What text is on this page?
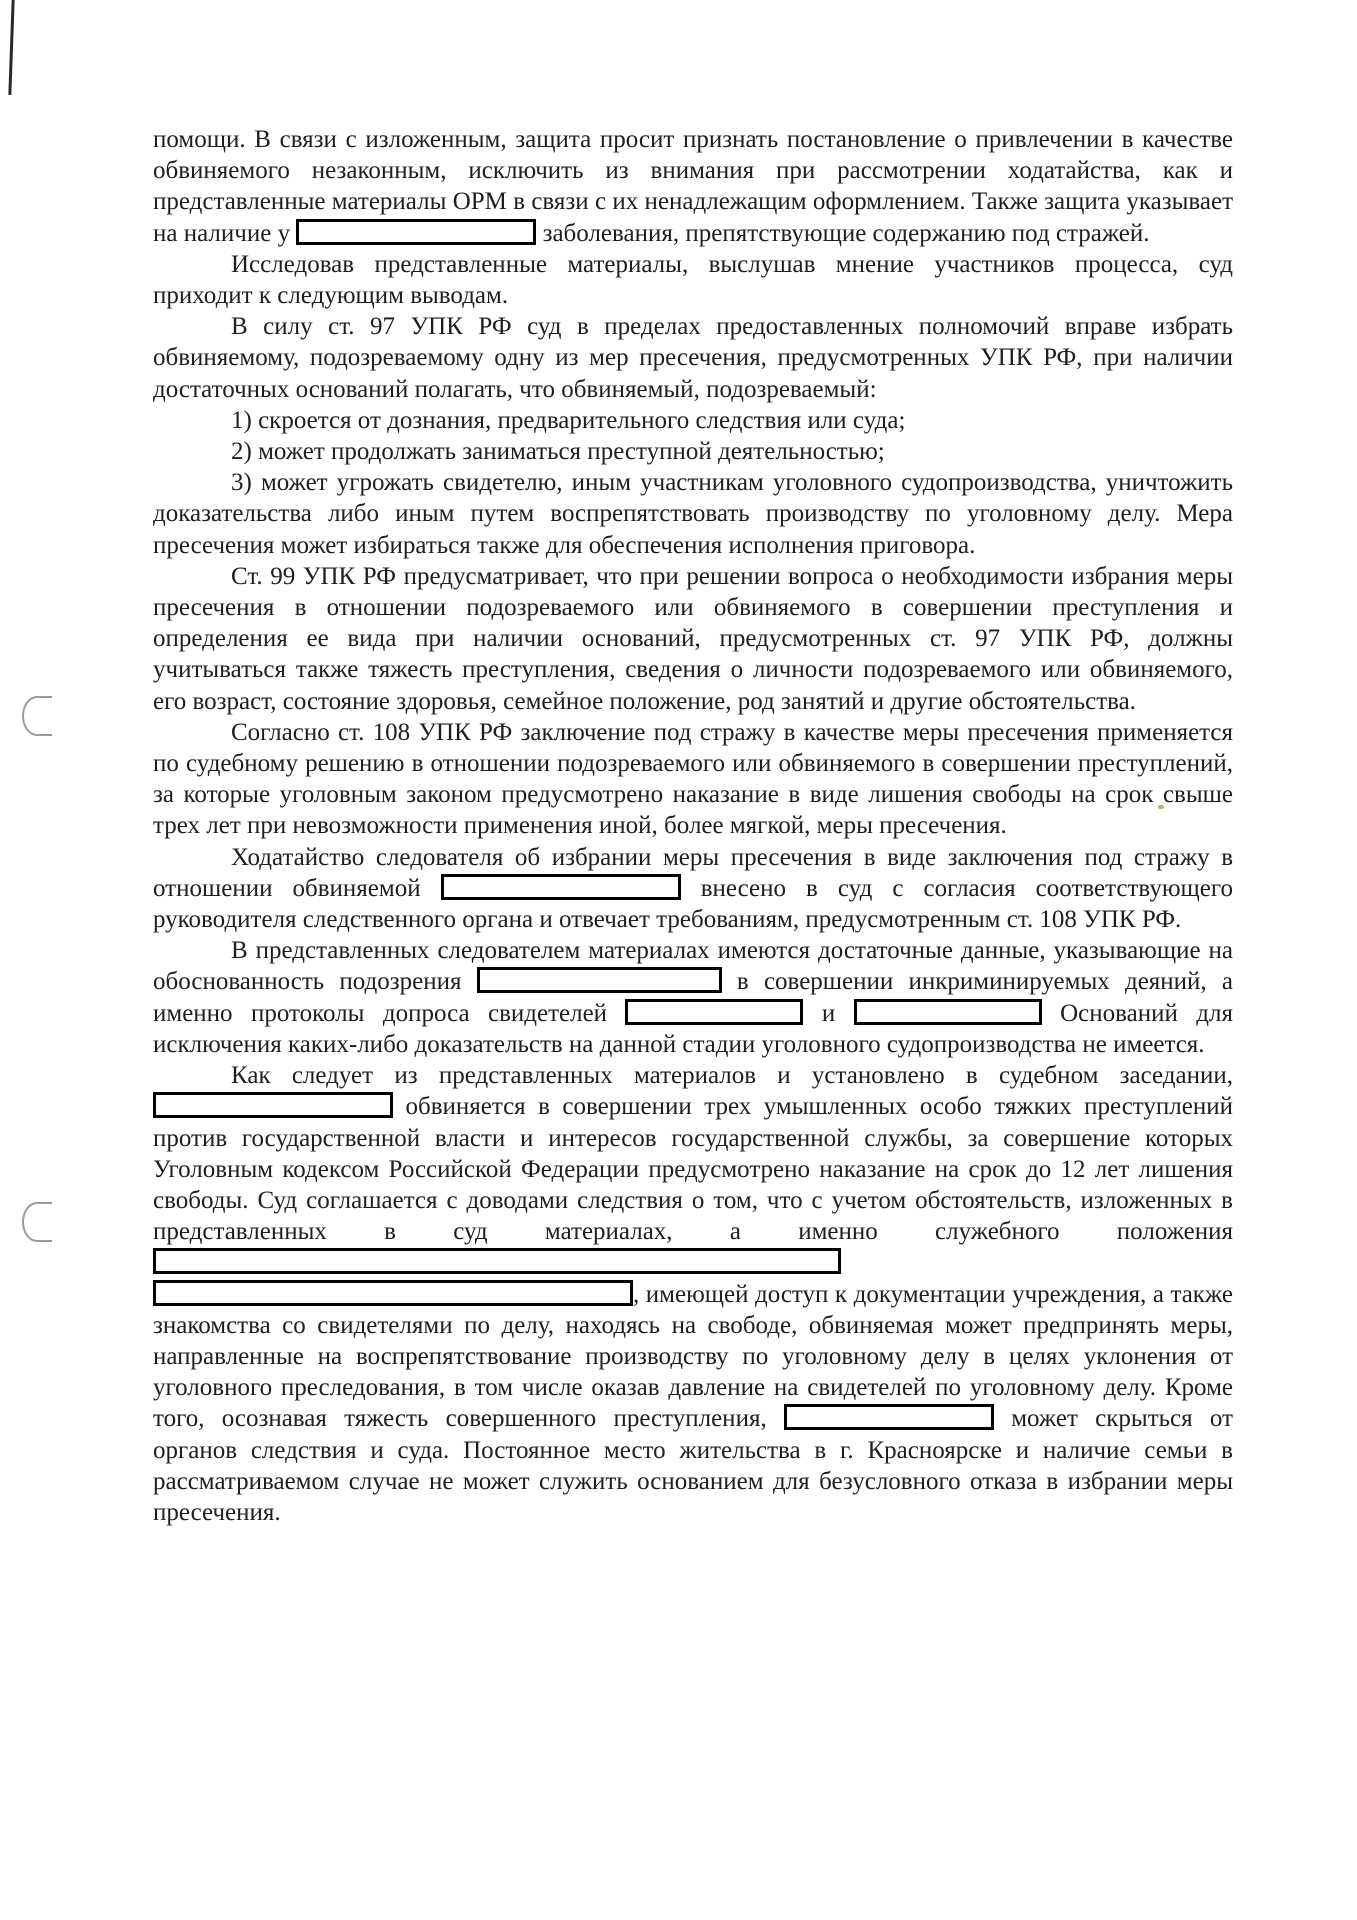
помощи. В связи с изложенным, защита просит признать постановление о привлечении в качестве обвиняемого незаконным, исключить из внимания при рассмотрении ходатайства, как и представленные материалы ОРМ в связи с их ненадлежащим оформлением. Также защита указывает на наличие у	заболевания, препятствующие содержанию под стражей.

Исследовав представленные материалы, выслушав мнение участников процесса, суд приходит к следующим выводам.

В силу ст. 97 УПК РФ суд в пределах предоставленных полномочий вправе избрать обвиняемому, подозреваемому одну из мер пресечения, предусмотренных УПК РФ, при наличии достаточных оснований полагать, что обвиняемый, подозреваемый:

1) скроется от дознания, предварительного следствия или суда;

2) может продолжать заниматься преступной деятельностью;

3) может угрожать свидетелю, иным участникам уголовного судопроизводства, уничтожить доказательства либо иным путем воспрепятствовать производству по уголовному делу. Мера пресечения может избираться также для обеспечения исполнения приговора.

Ст. 99 УПК РФ предусматривает, что при решении вопроса о необходимости избрания меры пресечения в отношении подозреваемого или обвиняемого в совершении преступления и определения ее вида при наличии оснований, предусмотренных ст. 97 УПК РФ, должны учитываться также тяжесть преступления, сведения о личности подозреваемого или обвиняемого, его возраст, состояние здоровья, семейное положение, род занятий и другие обстоятельства.

Согласно ст. 108 УПК РФ заключение под стражу в качестве меры пресечения применяется по судебному решению в отношении подозреваемого или обвиняемого в совершении преступлений, за которые уголовным законом предусмотрено наказание в виде лишения свободы на срок свыше трех лет при невозможности применения иной, более мягкой, меры пресечения.

Ходатайство следователя об избрании меры пресечения в виде заключения под стражу в отношении обвиняемой	внесено в суд с согласия соответствующего руководителя следственного органа и отвечает требованиям, предусмотренным ст. 108 УПК РФ.

В представленных следователем материалах имеются достаточные данные, указывающие на обоснованность подозрения	в совершении инкриминируемых деяний, а именно протоколы допроса свидетелей	и	Оснований для исключения каких-либо доказательств на данной стадии уголовного судопроизводства не имеется.

Как следует из представленных материалов и установлено в судебном заседании,  обвиняется в совершении трех умышленных особо тяжких преступлений против государственной власти и интересов государственной службы, за совершение которых Уголовным кодексом Российской Федерации предусмотрено наказание на срок до 12 лет лишения свободы. Суд соглашается с доводами следствия о том, что с учетом обстоятельств, изложенных в представленных в суд материалах, а именно служебного положения  , имеющей доступ к документации учреждения, а также знакомства со свидетелями по делу, находясь на свободе, обвиняемая может предпринять меры, направленные на воспрепятствование производству по уголовному делу в целях уклонения от уголовного преследования, в том числе оказав давление на свидетелей по уголовному делу. Кроме того, осознавая тяжесть совершенного преступления,	может скрыться от органов следствия и суда. Постоянное место жительства в г. Красноярске и наличие семьи в рассматриваемом случае не может служить основанием для безусловного отказа в избрании меры пресечения.
